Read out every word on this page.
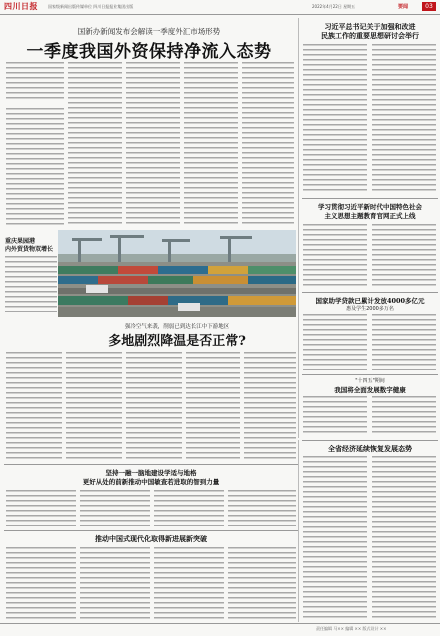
四川日报	国家级新闻出版传媒单位 四川日报报业集团出版	2022年4月22日 星期五	要闻	03
国新办新闻发布会解读一季度外汇市场形势
一季度我国外资保持净流入态势
习近平总书记关于加强和改进
民族工作的重要思想研讨会举行
学习贯彻习近平新时代中国特色社会
主义思想主题教育官网正式上线
国家助学贷款已累计发放4000多亿元
惠及学生2000多万名
"十四五"期间
我国将全面发展数字健康
重庆果园港
内外贸货物双增长
强冷空气来袭，削弱已到达长江中下游地区
多地剧烈降温是否正常?
坚持一融一脑地建设学适与地格
更好从处的前新推动中国敏查若进取的智到力量
推动中国式现代化取得新进展新突破
全省经济延续恢复发展态势
责任编辑 马×× 编辑 ×× 版式设计 ××
